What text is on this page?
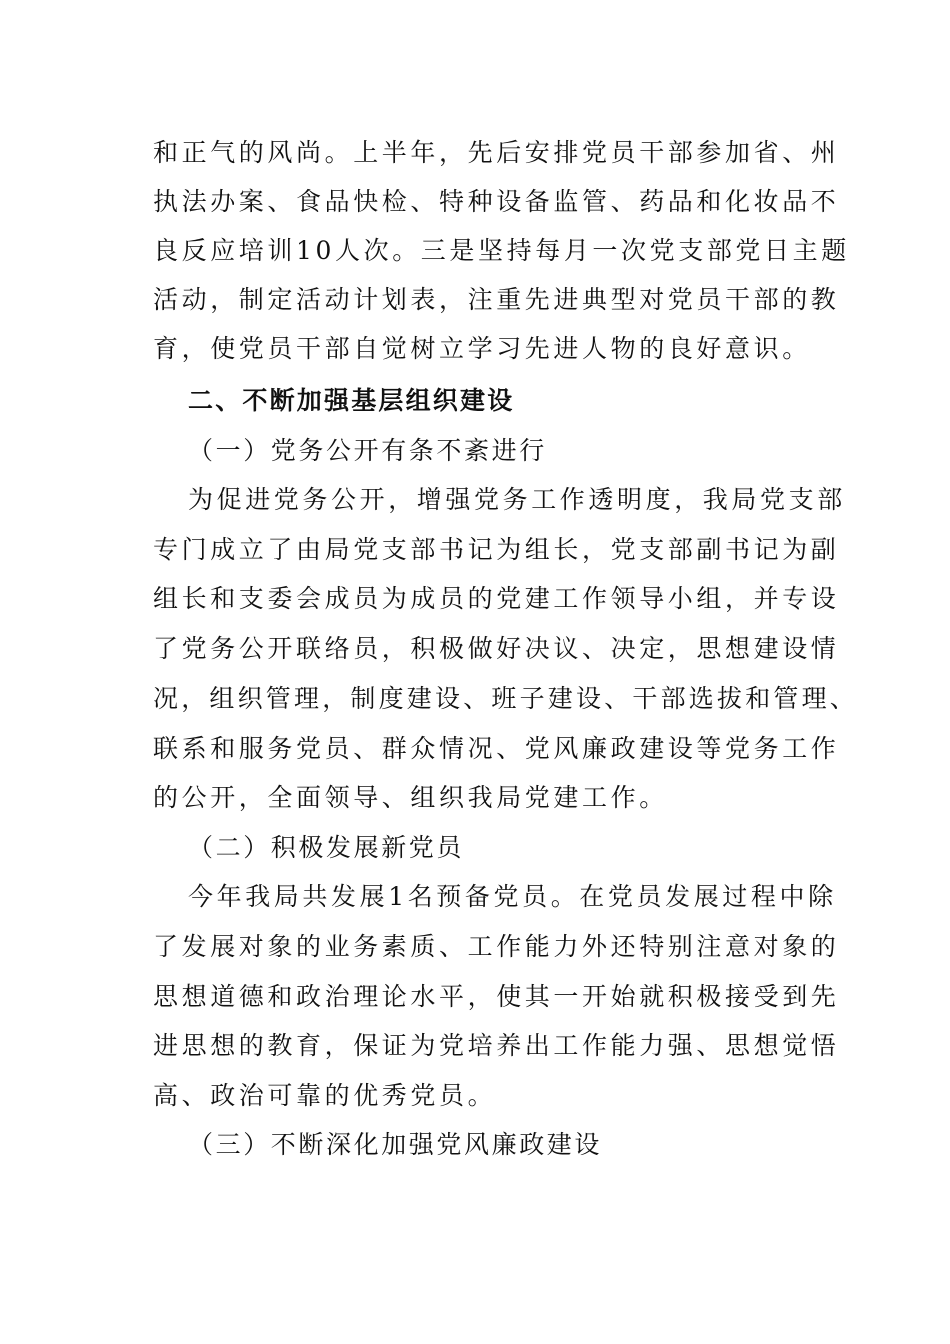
和正气的风尚。上半年，先后安排党员干部参加省、州
执法办案、食品快检、特种设备监管、药品和化妆品不
良反应培训10人次。三是坚持每月一次党支部党日主题
活动，制定活动计划表，注重先进典型对党员干部的教
育，使党员干部自觉树立学习先进人物的良好意识。
二、不断加强基层组织建设
（一）党务公开有条不紊进行
为促进党务公开，增强党务工作透明度，我局党支部
专门成立了由局党支部书记为组长，党支部副书记为副
组长和支委会成员为成员的党建工作领导小组，并专设
了党务公开联络员，积极做好决议、决定，思想建设情
况，组织管理，制度建设、班子建设、干部选拔和管理、
联系和服务党员、群众情况、党风廉政建设等党务工作
的公开，全面领导、组织我局党建工作。
（二）积极发展新党员
今年我局共发展1名预备党员。在党员发展过程中除
了发展对象的业务素质、工作能力外还特别注意对象的
思想道德和政治理论水平，使其一开始就积极接受到先
进思想的教育，保证为党培养出工作能力强、思想觉悟
高、政治可靠的优秀党员。
（三）不断深化加强党风廉政建设
